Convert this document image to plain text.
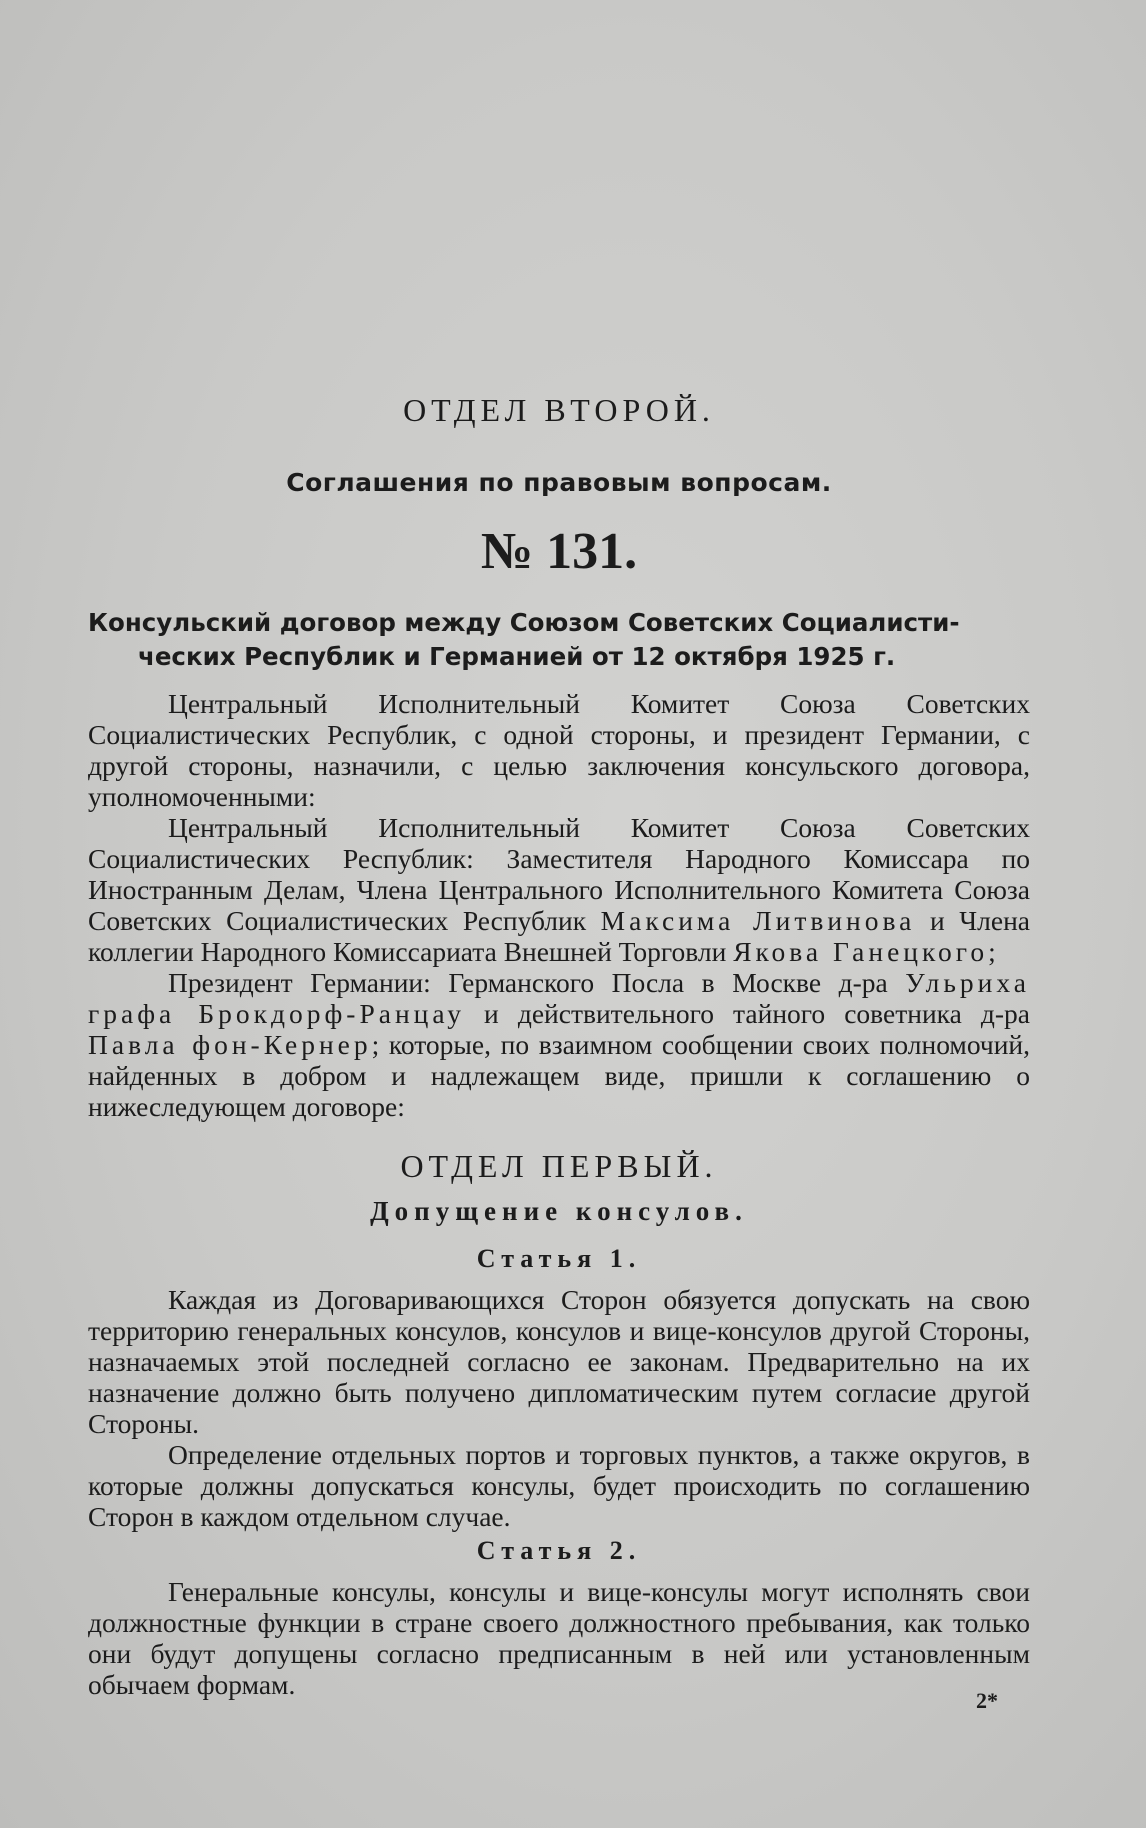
ОТДЕЛ ВТОРОЙ.
Соглашения по правовым вопросам.
№ 131.
Консульский договор между Союзом Советских Социалисти-
ческих Республик и Германией от 12 октября 1925 г.

Центральный Исполнительный Комитет Союза Советских Социалистических Республик, с одной стороны, и президент Германии, с другой стороны, назначили, с целью заключения консульского договора, уполномоченными:

Центральный Исполнительный Комитет Союза Советских Социалистических Республик: Заместителя Народного Комиссара по Иностранным Делам, Члена Центрального Исполнительного Комитета Союза Советских Социалистических Республик Максима Литвинова и Члена коллегии Народного Комиссариата Внешней Торговли Якова Ганецкого;

Президент Германии: Германского Посла в Москве д-ра Ульриха графа Брокдорф-Ранцау и действительного тайного советника д-ра Павла фон-Кернер; которые, по взаимном сообщении своих полномочий, найденных в добром и надлежащем виде, пришли к соглашению о нижеследующем договоре:

ОТДЕЛ ПЕРВЫЙ.
Допущение консулов.
Статья 1.

Каждая из Договаривающихся Сторон обязуется допускать на свою территорию генеральных консулов, консулов и вице-консулов другой Стороны, назначаемых этой последней согласно ее законам. Предварительно на их назначение должно быть получено дипломатическим путем согласие другой Стороны.

Определение отдельных портов и торговых пунктов, а также округов, в которые должны допускаться консулы, будет происходить по соглашению Сторон в каждом отдельном случае.

Статья 2.

Генеральные консулы, консулы и вице-консулы могут исполнять свои должностные функции в стране своего должностного пребывания, как только они будут допущены согласно предписанным в ней или установленным обычаем формам.

2*
